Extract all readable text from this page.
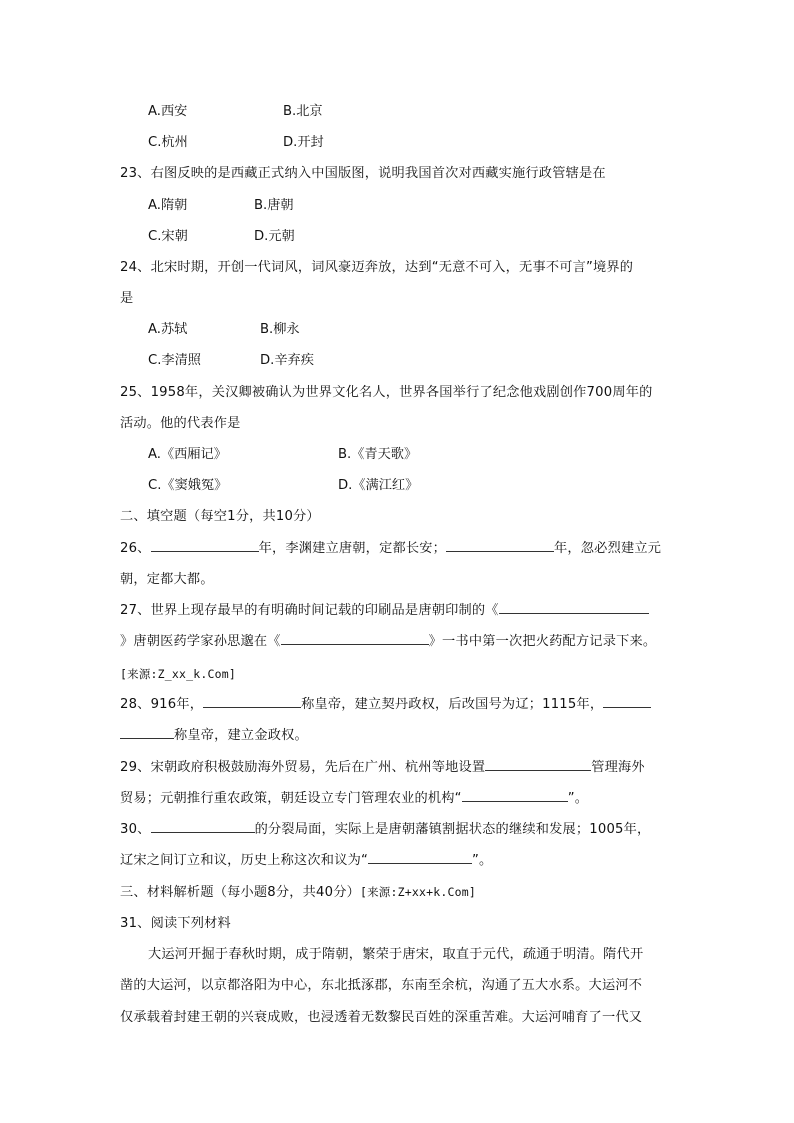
A.西安	B.北京
C.杭州	D.开封
23、右图反映的是西藏正式纳入中国版图，说明我国首次对西藏实施行政管辖是在
A.隋朝	B.唐朝
C.宋朝	D.元朝
24、北宋时期，开创一代词风，词风豪迈奔放，达到“无意不可入，无事不可言”境界的
是
A.苏轼	B.柳永
C.李清照	D.辛弃疾
25、1958年，关汉卿被确认为世界文化名人，世界各国举行了纪念他戏剧创作700周年的
活动。他的代表作是
A.《西厢记》	B.《青天歌》
C.《窦娥冤》	D.《满江红》
二、填空题（每空1分，共10分）
26、	年，李渊建立唐朝，定都长安；	年，忽必烈建立元
朝，定都大都。
27、世界上现存最早的有明确时间记载的印刷品是唐朝印制的《
》唐朝医药学家孙思邈在《	》一书中第一次把火药配方记录下来。
[来源:Z_xx_k.Com]
28、916年，	称皇帝，建立契丹政权，后改国号为辽；1115年，
称皇帝，建立金政权。
29、宋朝政府积极鼓励海外贸易，先后在广州、杭州等地设置	管理海外
贸易；元朝推行重农政策，朝廷设立专门管理农业的机构“	”。
30、	的分裂局面，实际上是唐朝藩镇割据状态的继续和发展；1005年，
辽宋之间订立和议，历史上称这次和议为“	”。
三、材料解析题（每小题8分，共40分）[来源:Z+xx+k.Com]
31、阅读下列材料
大运河开掘于春秋时期，成于隋朝，繁荣于唐宋，取直于元代，疏通于明清。隋代开
凿的大运河，以京都洛阳为中心，东北抵涿郡，东南至余杭，沟通了五大水系。大运河不
仅承载着封建王朝的兴衰成败，也浸透着无数黎民百姓的深重苦难。大运河哺育了一代又
